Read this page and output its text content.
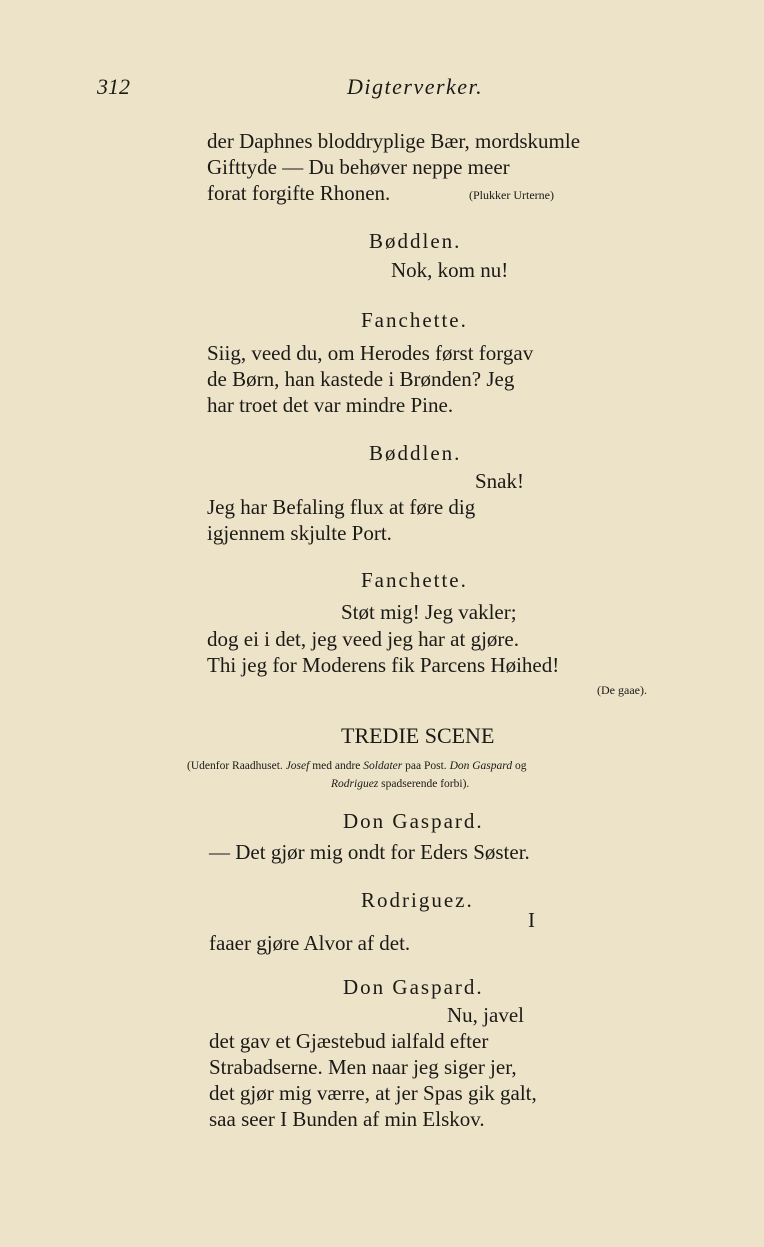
312	Digterverker.
der Daphnes bloddryplige Bær, mordskumle
Gifttyde — Du behøver neppe meer
forat forgifte Rhonen.	(Plukker Urterne)
Bøddlen.
Nok, kom nu!
Fanchette.
Siig, veed du, om Herodes først forgav
de Børn, han kastede i Brønden? Jeg
har troet det var mindre Pine.
Bøddlen.
Snak!
Jeg har Befaling flux at føre dig
igjennem skjulte Port.
Fanchette.
Støt mig! Jeg vakler;
dog ei i det, jeg veed jeg har at gjøre.
Thi jeg for Moderens fik Parcens Høihed!
(De gaae).
TREDIE SCENE
(Udenfor Raadhuset. Josef med andre Soldater paa Post. Don Gaspard og
Rodriguez spadserende forbi).
Don Gaspard.
— Det gjør mig ondt for Eders Søster.
Rodriguez.
I
faaer gjøre Alvor af det.
Don Gaspard.
Nu, javel
det gav et Gjæstebud ialfald efter
Strabadserne. Men naar jeg siger jer,
det gjør mig værre, at jer Spas gik galt,
saa seer I Bunden af min Elskov.
